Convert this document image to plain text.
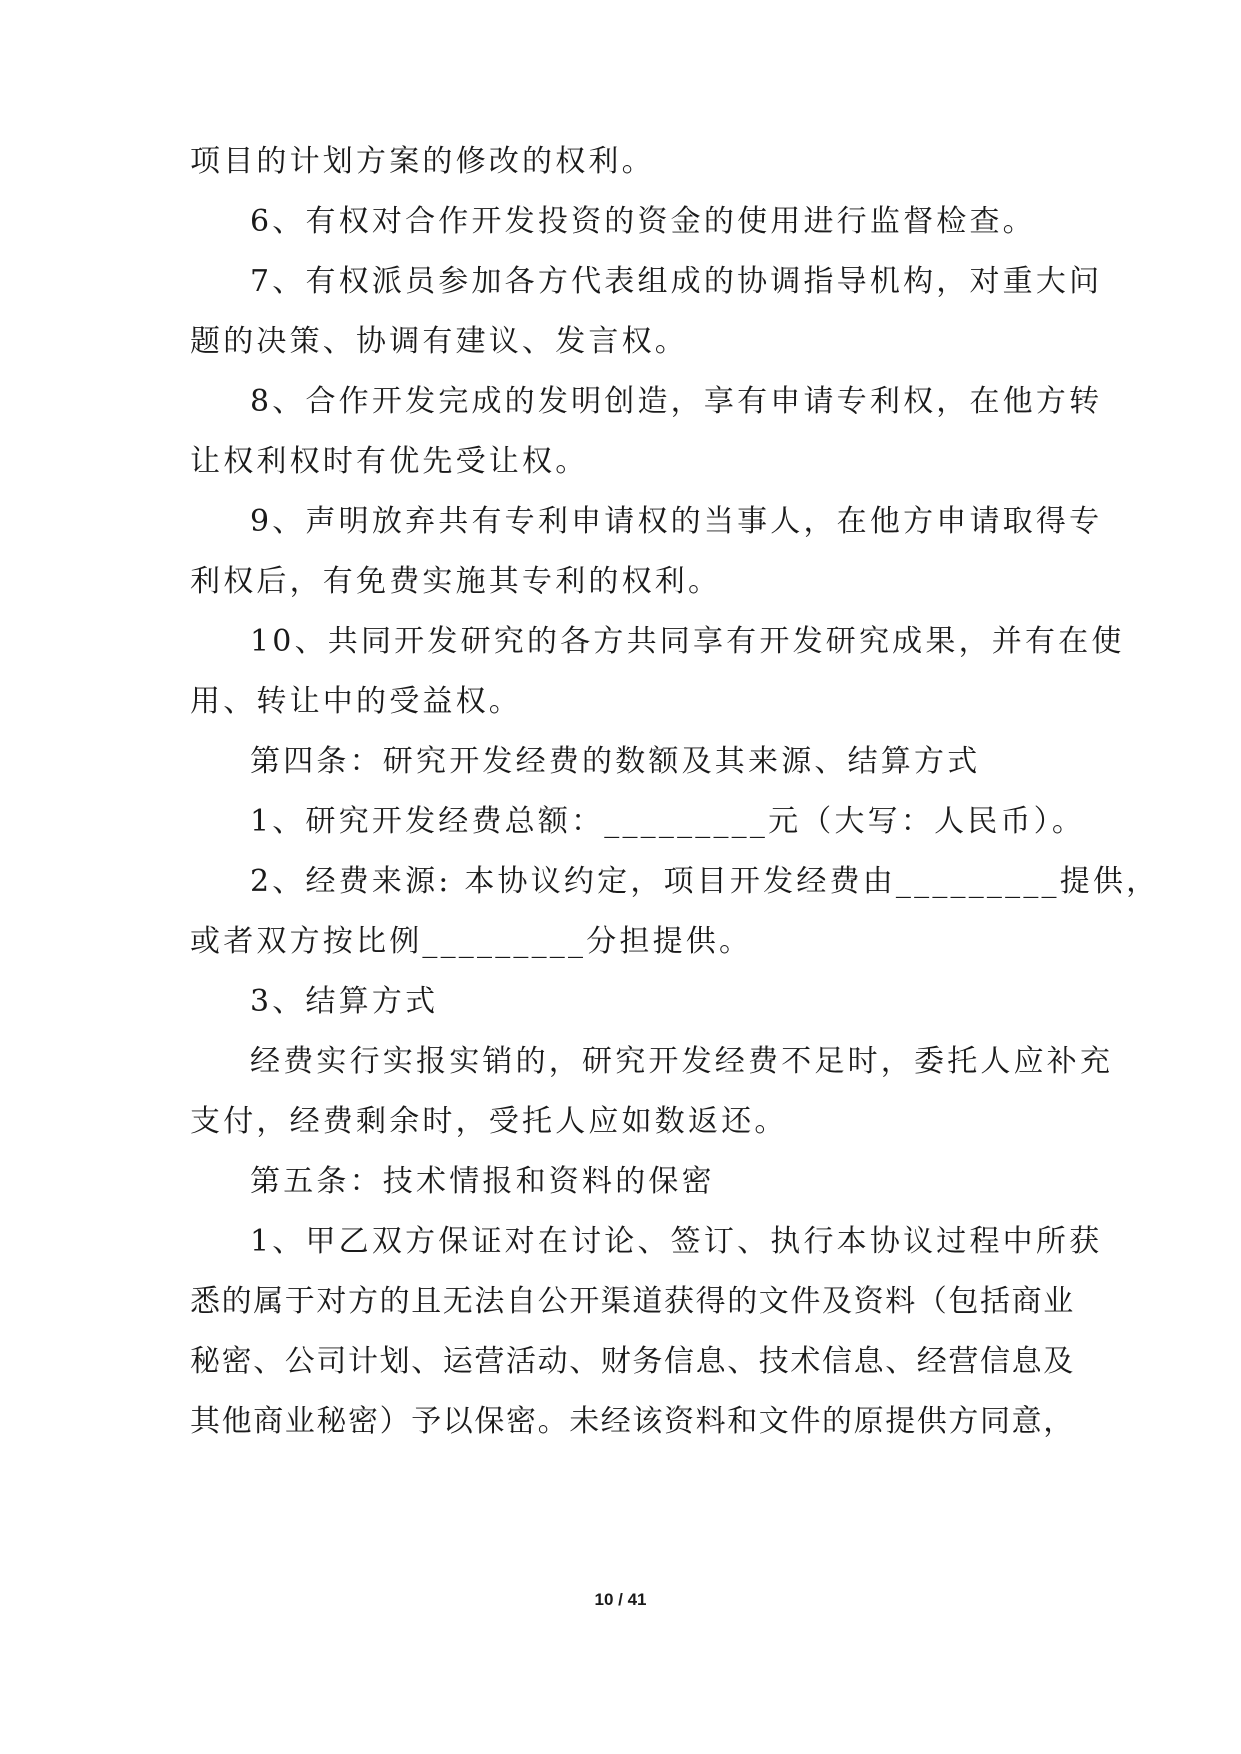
项目的计划方案的修改的权利。
6、有权对合作开发投资的资金的使用进行监督检查。
7、有权派员参加各方代表组成的协调指导机构，对重大问
题的决策、协调有建议、发言权。
8、合作开发完成的发明创造，享有申请专利权，在他方转
让权利权时有优先受让权。
9、声明放弃共有专利申请权的当事人，在他方申请取得专
利权后，有免费实施其专利的权利。
10、共同开发研究的各方共同享有开发研究成果，并有在使
用、转让中的受益权。
第四条：研究开发经费的数额及其来源、结算方式
1、研究开发经费总额：_________元（大写：人民币）。
2、经费来源: 本协议约定，项目开发经费由_________提供，
或者双方按比例_________分担提供。
3、结算方式
经费实行实报实销的，研究开发经费不足时，委托人应补充
支付，经费剩余时，受托人应如数返还。
第五条：技术情报和资料的保密
1、甲乙双方保证对在讨论、签订、执行本协议过程中所获
悉的属于对方的且无法自公开渠道获得的文件及资料（包括商业
秘密、公司计划、运营活动、财务信息、技术信息、经营信息及
其他商业秘密）予以保密。未经该资料和文件的原提供方同意，
10 / 41
